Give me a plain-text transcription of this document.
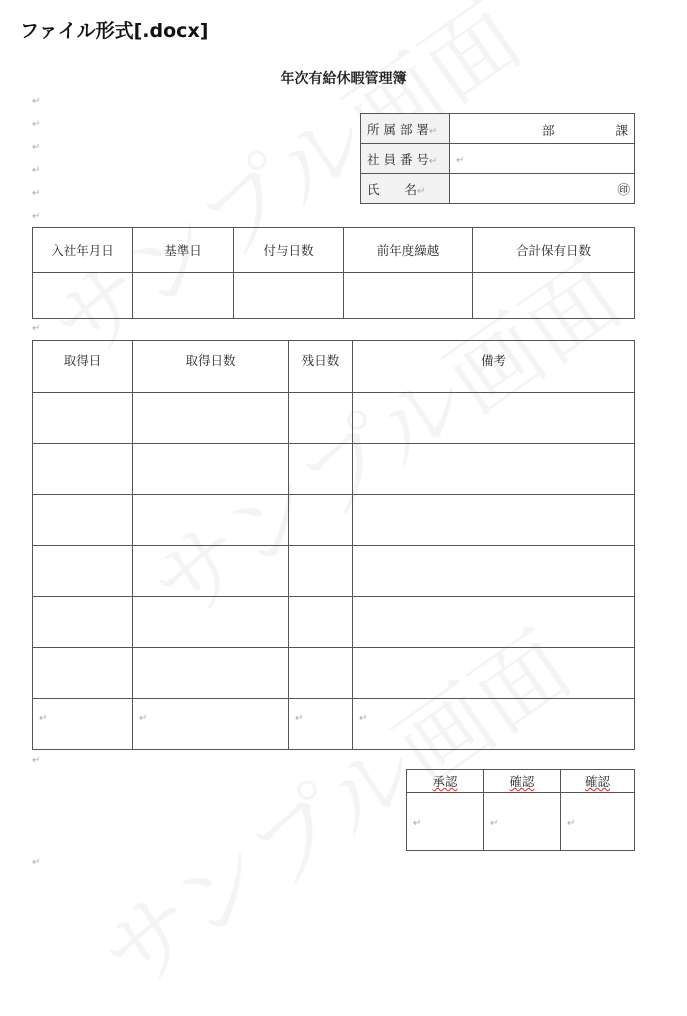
ファイル形式[.docx]
年次有給休暇管理簿
↵
↵
↵
↵
↵
↵
↵
↵
↵
所 属 部 署↵	部 課

社 員 番 号↵	↵
氏　　名↵	㊞
入社年月日	基準日	付与日数	前年度繰越	合計保有日数

取得日	取得日数	残日数	備考

↵	↵	↵	↵
承認	確認	確認
↵	↵	↵
